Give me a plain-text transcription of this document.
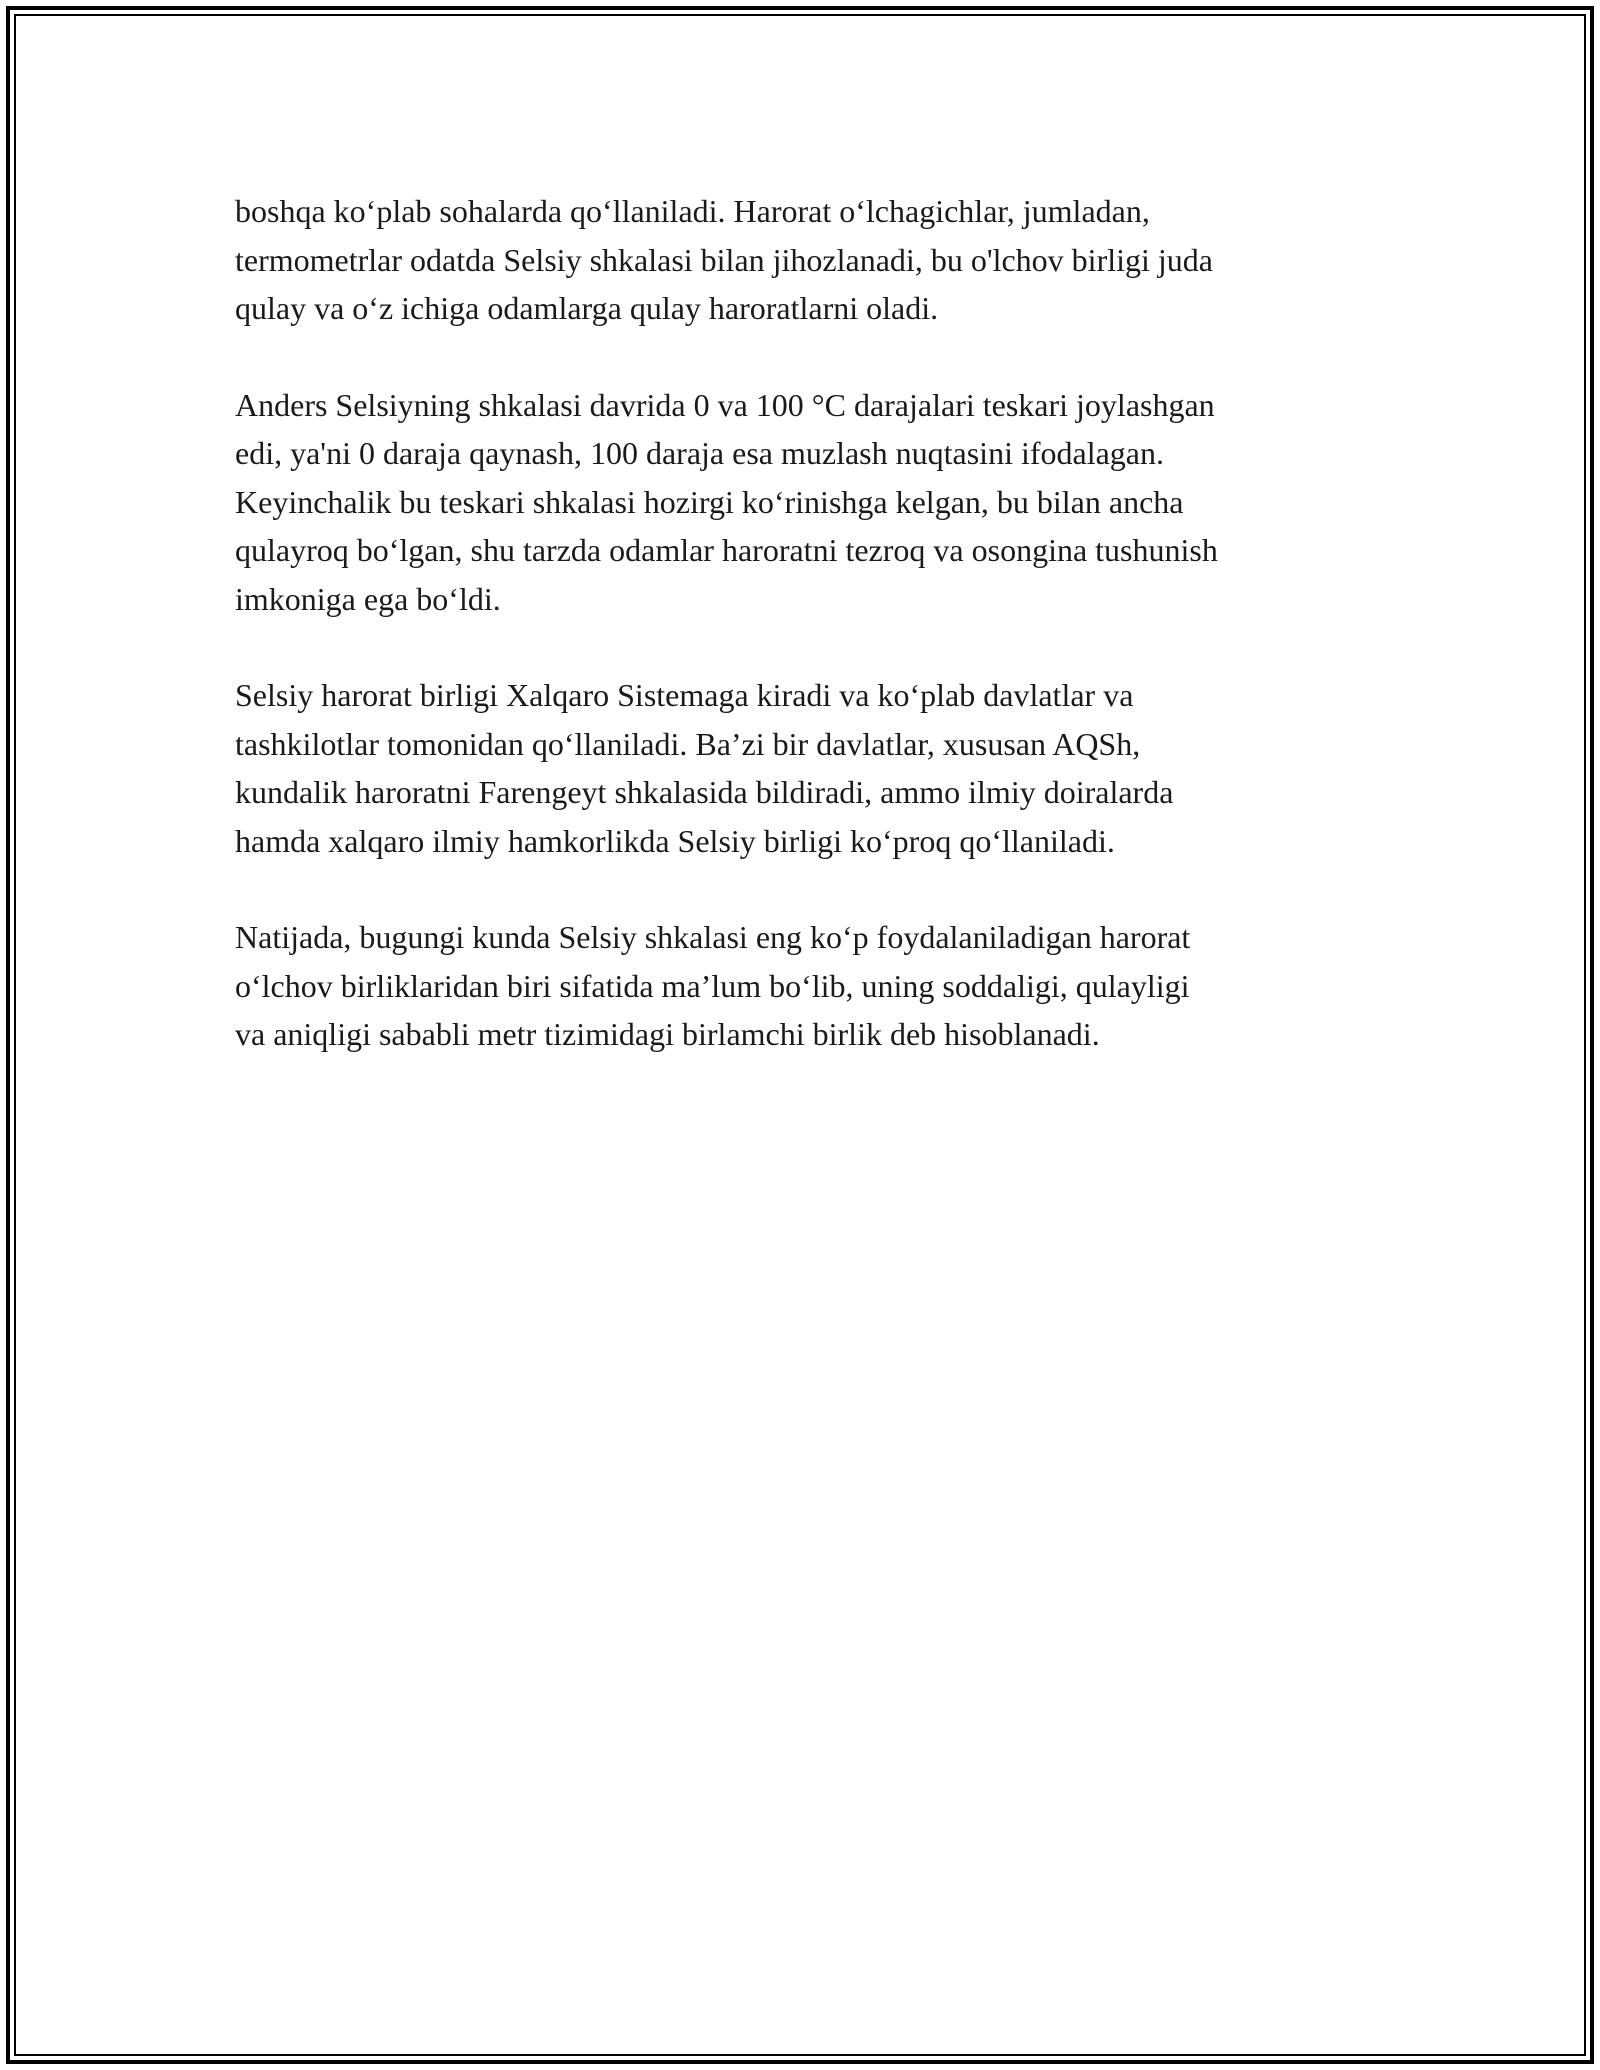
boshqa ko‘plab sohalarda qo‘llaniladi. Harorat o‘lchagichlar, jumladan,
termometrlar odatda Selsiy shkalasi bilan jihozlanadi, bu o'lchov birligi juda
qulay va o‘z ichiga odamlarga qulay haroratlarni oladi.

Anders Selsiyning shkalasi davrida 0 va 100 °C darajalari teskari joylashgan
edi, ya'ni 0 daraja qaynash, 100 daraja esa muzlash nuqtasini ifodalagan.
Keyinchalik bu teskari shkalasi hozirgi ko‘rinishga kelgan, bu bilan ancha
qulayroq bo‘lgan, shu tarzda odamlar haroratni tezroq va osongina tushunish
imkoniga ega bo‘ldi.

Selsiy harorat birligi Xalqaro Sistemaga kiradi va ko‘plab davlatlar va
tashkilotlar tomonidan qo‘llaniladi. Ba’zi bir davlatlar, xususan AQSh,
kundalik haroratni Farengeyt shkalasida bildiradi, ammo ilmiy doiralarda
hamda xalqaro ilmiy hamkorlikda Selsiy birligi ko‘proq qo‘llaniladi.

Natijada, bugungi kunda Selsiy shkalasi eng ko‘p foydalaniladigan harorat
o‘lchov birliklaridan biri sifatida ma’lum bo‘lib, uning soddaligi, qulayligi
va aniqligi sababli metr tizimidagi birlamchi birlik deb hisoblanadi.
